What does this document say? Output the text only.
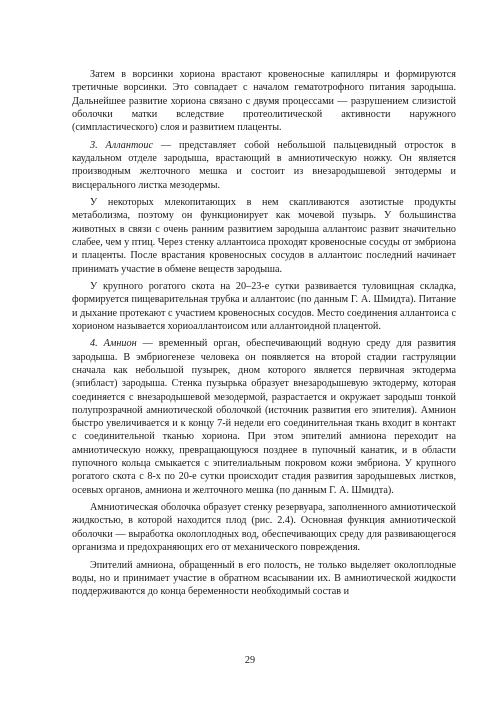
Затем в ворсинки хориона врастают кровеносные капилляры и формируются третичные ворсинки. Это совпадает с началом гематотрофного питания зародыша. Дальнейшее развитие хориона связано с двумя процессами — разрушением слизистой оболочки матки вследствие протеолитической активности наружного (симпластического) слоя и развитием плаценты.

3. Аллантоис — представляет собой небольшой пальцевидный отросток в каудальном отделе зародыша, врастающий в амниотическую ножку. Он является производным желточного мешка и состоит из внезародышевой энтодермы и висцерального листка мезодермы.

У некоторых млекопитающих в нем скапливаются азотистые продукты метаболизма, поэтому он функционирует как мочевой пузырь. У большинства животных в связи с очень ранним развитием зародыша аллантоис развит значительно слабее, чем у птиц. Через стенку аллантоиса проходят кровеносные сосуды от эмбриона и плаценты. После врастания кровеносных сосудов в аллантоис последний начинает принимать участие в обмене веществ зародыша.

У крупного рогатого скота на 20–23-е сутки развивается туловищная складка, формируется пищеварительная трубка и аллантоис (по данным Г. А. Шмидта). Питание и дыхание протекают с участием кровеносных сосудов. Место соединения аллантоиса с хорионом называется хориоаллантоисом или аллантоидной плацентой.

4. Амнион — временный орган, обеспечивающий водную среду для развития зародыша. В эмбриогенезе человека он появляется на второй стадии гаструляции сначала как небольшой пузырек, дном которого является первичная эктодерма (эпибласт) зародыша. Стенка пузырька образует внезародышевую эктодерму, которая соединяется с внезародышевой мезодермой, разрастается и окружает зародыш тонкой полупрозрачной амниотической оболочкой (источник развития его эпителия). Амнион быстро увеличивается и к концу 7-й недели его соединительная ткань входит в контакт с соединительной тканью хориона. При этом эпителий амниона переходит на амниотическую ножку, превращающуюся позднее в пупочный канатик, и в области пупочного кольца смыкается с эпителиальным покровом кожи эмбриона. У крупного рогатого скота с 8-х по 20-е сутки происходит стадия развития зародышевых листков, осевых органов, амниона и желточного мешка (по данным Г. А. Шмидта).

Амниотическая оболочка образует стенку резервуара, заполненного амниотической жидкостью, в которой находится плод (рис. 2.4). Основная функция амниотической оболочки — выработка околоплодных вод, обеспечивающих среду для развивающегося организма и предохраняющих его от механического повреждения.

Эпителий амниона, обращенный в его полость, не только выделяет околоплодные воды, но и принимает участие в обратном всасывании их. В амниотической жидкости поддерживаются до конца беременности необходимый состав и

29
